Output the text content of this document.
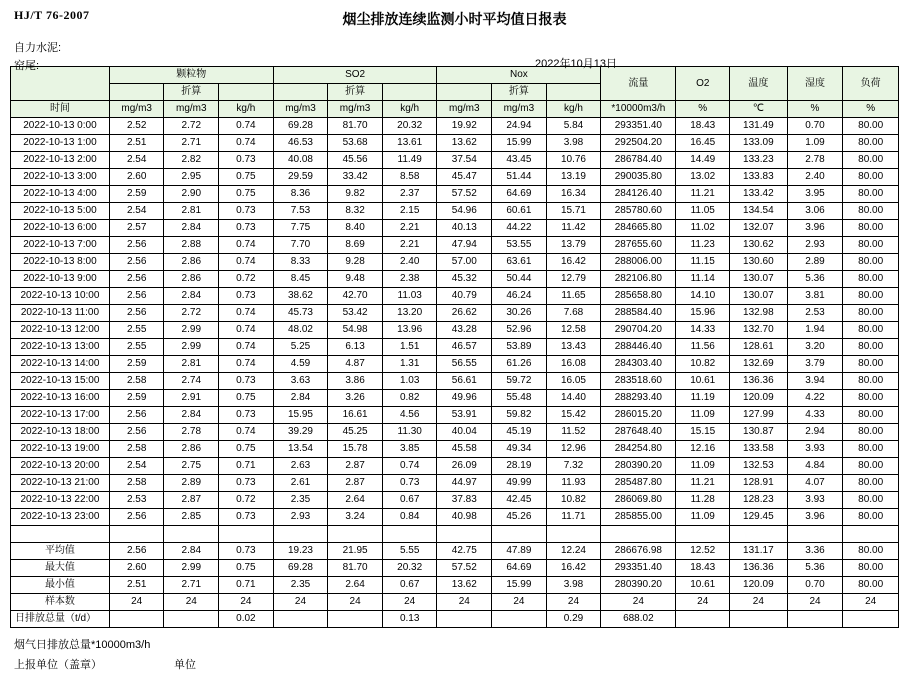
HJ/T 76-2007	烟尘排放连续监测小时平均值日报表
自力水泥:
窑尾:	2022年10月13日
	颗粒物			SO2			Nox			流量	O2	温度	湿度	负荷
		折算			折算			折算						
时间	mg/m3	mg/m3	kg/h	mg/m3	mg/m3	kg/h	mg/m3	mg/m3	kg/h	*10000m3/h	%	℃	%	%
2022-10-13 0:00	2.52	2.72	0.74	69.28	81.70	20.32	19.92	24.94	5.84	293351.40	18.43	131.49	0.70	80.00
2022-10-13 1:00	2.51	2.71	0.74	46.53	53.68	13.61	13.62	15.99	3.98	292504.20	16.45	133.09	1.09	80.00
2022-10-13 2:00	2.54	2.82	0.73	40.08	45.56	11.49	37.54	43.45	10.76	286784.40	14.49	133.23	2.78	80.00
2022-10-13 3:00	2.60	2.95	0.75	29.59	33.42	8.58	45.47	51.44	13.19	290035.80	13.02	133.83	2.40	80.00
2022-10-13 4:00	2.59	2.90	0.75	8.36	9.82	2.37	57.52	64.69	16.34	284126.40	11.21	133.42	3.95	80.00
2022-10-13 5:00	2.54	2.81	0.73	7.53	8.32	2.15	54.96	60.61	15.71	285780.60	11.05	134.54	3.06	80.00
2022-10-13 6:00	2.57	2.84	0.73	7.75	8.40	2.21	40.13	44.22	11.42	284665.80	11.02	132.07	3.96	80.00
2022-10-13 7:00	2.56	2.88	0.74	7.70	8.69	2.21	47.94	53.55	13.79	287655.60	11.23	130.62	2.93	80.00
2022-10-13 8:00	2.56	2.86	0.74	8.33	9.28	2.40	57.00	63.61	16.42	288006.00	11.15	130.60	2.89	80.00
2022-10-13 9:00	2.56	2.86	0.72	8.45	9.48	2.38	45.32	50.44	12.79	282106.80	11.14	130.07	5.36	80.00
2022-10-13 10:00	2.56	2.84	0.73	38.62	42.70	11.03	40.79	46.24	11.65	285658.80	14.10	130.07	3.81	80.00
2022-10-13 11:00	2.56	2.72	0.74	45.73	53.42	13.20	26.62	30.26	7.68	288584.40	15.96	132.98	2.53	80.00
2022-10-13 12:00	2.55	2.99	0.74	48.02	54.98	13.96	43.28	52.96	12.58	290704.20	14.33	132.70	1.94	80.00
2022-10-13 13:00	2.55	2.99	0.74	5.25	6.13	1.51	46.57	53.89	13.43	288446.40	11.56	128.61	3.20	80.00
2022-10-13 14:00	2.59	2.81	0.74	4.59	4.87	1.31	56.55	61.26	16.08	284303.40	10.82	132.69	3.79	80.00
2022-10-13 15:00	2.58	2.74	0.73	3.63	3.86	1.03	56.61	59.72	16.05	283518.60	10.61	136.36	3.94	80.00
2022-10-13 16:00	2.59	2.91	0.75	2.84	3.26	0.82	49.96	55.48	14.40	288293.40	11.19	120.09	4.22	80.00
2022-10-13 17:00	2.56	2.84	0.73	15.95	16.61	4.56	53.91	59.82	15.42	286015.20	11.09	127.99	4.33	80.00
2022-10-13 18:00	2.56	2.78	0.74	39.29	45.25	11.30	40.04	45.19	11.52	287648.40	15.15	130.87	2.94	80.00
2022-10-13 19:00	2.58	2.86	0.75	13.54	15.78	3.85	45.58	49.34	12.96	284254.80	12.16	133.58	3.93	80.00
2022-10-13 20:00	2.54	2.75	0.71	2.63	2.87	0.74	26.09	28.19	7.32	280390.20	11.09	132.53	4.84	80.00
2022-10-13 21:00	2.58	2.89	0.73	2.61	2.87	0.73	44.97	49.99	11.93	285487.80	11.21	128.91	4.07	80.00
2022-10-13 22:00	2.53	2.87	0.72	2.35	2.64	0.67	37.83	42.45	10.82	286069.80	11.28	128.23	3.93	80.00
2022-10-13 23:00	2.56	2.85	0.73	2.93	3.24	0.84	40.98	45.26	11.71	285855.00	11.09	129.45	3.96	80.00

平均值	2.56	2.84	0.73	19.23	21.95	5.55	42.75	47.89	12.24	286676.98	12.52	131.17	3.36	80.00
最大值	2.60	2.99	0.75	69.28	81.70	20.32	57.52	64.69	16.42	293351.40	18.43	136.36	5.36	80.00
最小值	2.51	2.71	0.71	2.35	2.64	0.67	13.62	15.99	3.98	280390.20	10.61	120.09	0.70	80.00
样本数	24	24	24	24	24	24	24	24	24	24	24	24	24	24
日排放总量（t/d）			0.02			0.13			0.29	688.02				
烟气日排放总量*10000m3/h
上报单位（盖章）	单位
